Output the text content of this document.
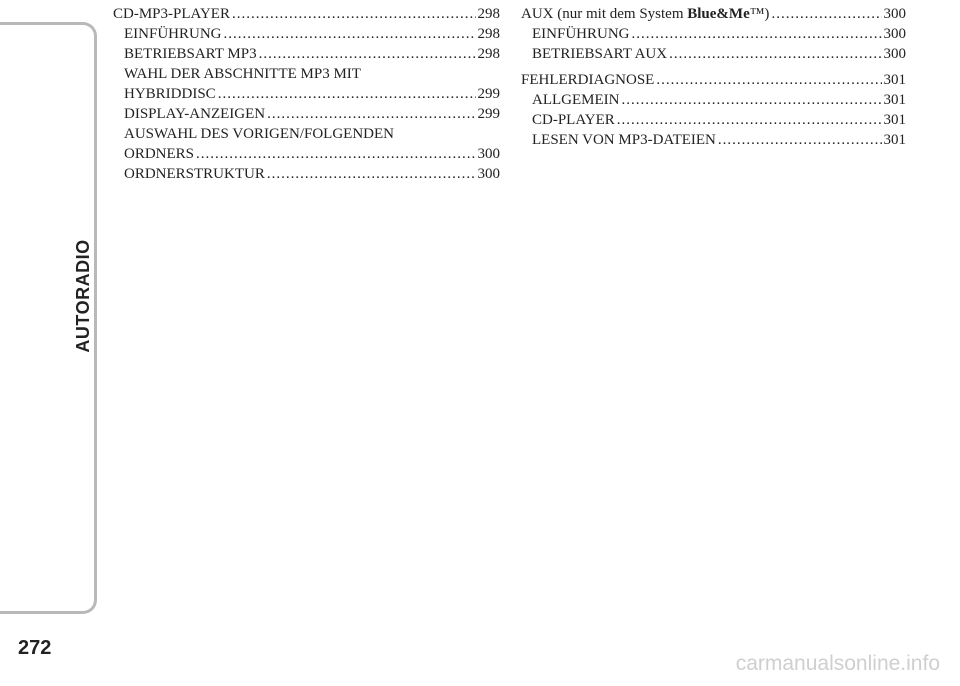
AUTORADIO
272
carmanualsonline.info
CD-MP3-PLAYER .....	298
EINFÜHRUNG .....	298
BETRIEBSART MP3 .....	298
WAHL DER ABSCHNITTE MP3 MIT
HYBRIDDISC .....	299
DISPLAY-ANZEIGEN .....	299
AUSWAHL DES VORIGEN/FOLGENDEN
ORDNERS .....	300
ORDNERSTRUKTUR .....	300
AUX (nur mit dem System Blue&Me™) .....	300
EINFÜHRUNG .....	300
BETRIEBSART AUX .....	300
FEHLERDIAGNOSE .....	301
ALLGEMEIN .....	301
CD-PLAYER .....	301
LESEN VON MP3-DATEIEN .....	301
